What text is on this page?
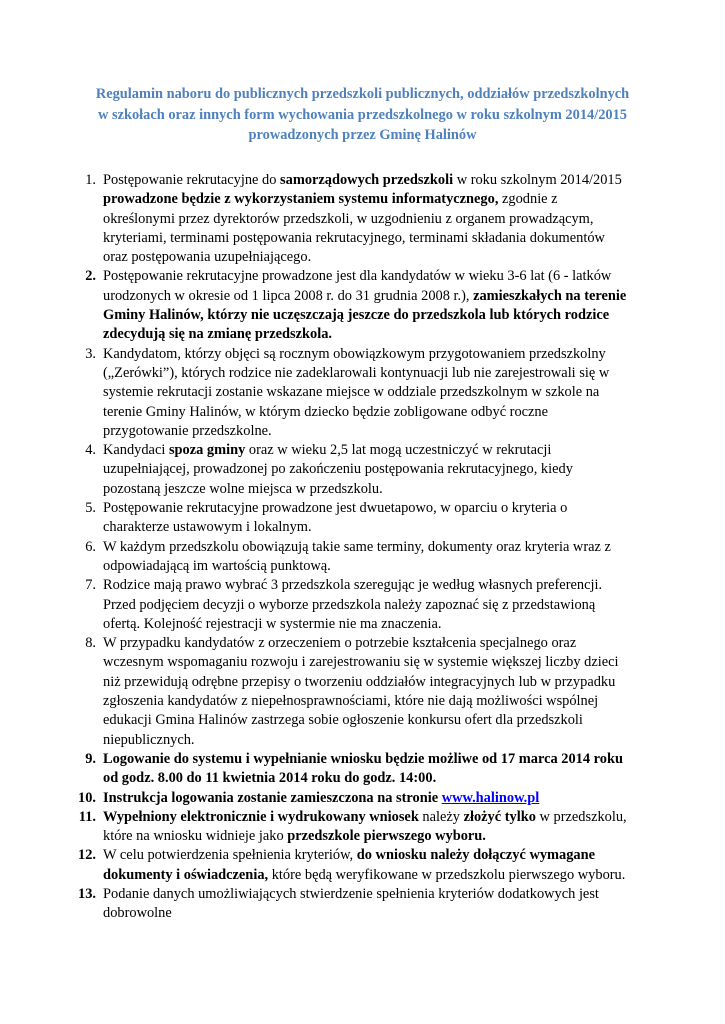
Regulamin naboru do publicznych przedszkoli publicznych, oddziałów przedszkolnych
w szkołach oraz innych form wychowania przedszkolnego w roku szkolnym 2014/2015
prowadzonych przez Gminę Halinów
1. Postępowanie rekrutacyjne do samorządowych przedszkoli w roku szkolnym 2014/2015
prowadzone będzie z wykorzystaniem systemu informatycznego, zgodnie z
określonymi przez dyrektorów przedszkoli, w uzgodnieniu z organem prowadzącym,
kryteriami, terminami postępowania rekrutacyjnego, terminami składania dokumentów
oraz postępowania uzupełniającego.
2. Postępowanie rekrutacyjne prowadzone jest dla kandydatów w wieku 3-6 lat (6 - latków
urodzonych w okresie od 1 lipca 2008 r. do 31 grudnia 2008 r.), zamieszkałych na terenie
Gminy Halinów, którzy nie uczęszczają jeszcze do przedszkola lub których rodzice
zdecydują się na zmianę przedszkola.
3. Kandydatom, którzy objęci są rocznym obowiązkowym przygotowaniem przedszkolny
(„Zerówki”), których rodzice nie zadeklarowali kontynuacji lub nie zarejestrowali się w
systemie rekrutacji zostanie wskazane miejsce w oddziale przedszkolnym w szkole na
terenie Gminy Halinów, w którym dziecko będzie zobligowane odbyć roczne
przygotowanie przedszkolne.
4. Kandydaci spoza gminy oraz w wieku 2,5 lat mogą uczestniczyć w rekrutacji
uzupełniającej, prowadzonej po zakończeniu postępowania rekrutacyjnego, kiedy
pozostaną jeszcze wolne miejsca w przedszkolu.
5. Postępowanie rekrutacyjne prowadzone jest dwuetapowo, w oparciu o kryteria o
charakterze ustawowym i lokalnym.
6. W każdym przedszkolu obowiązują takie same terminy, dokumenty oraz kryteria wraz z
odpowiadającą im wartością punktową.
7. Rodzice mają prawo wybrać 3 przedszkola szeregując je według własnych preferencji.
Przed podjęciem decyzji o wyborze przedszkola należy zapoznać się z przedstawioną
ofertą. Kolejność rejestracji w systermie nie ma znaczenia.
8. W przypadku kandydatów z orzeczeniem o potrzebie kształcenia specjalnego oraz
wczesnym wspomaganiu rozwoju i zarejestrowaniu się w systemie większej liczby dzieci
niż przewidują odrębne przepisy o tworzeniu oddziałów integracyjnych lub w przypadku
zgłoszenia kandydatów z niepełnosprawnościami, które nie dają możliwości wspólnej
edukacji Gmina Halinów zastrzega sobie ogłoszenie konkursu ofert dla przedszkoli
niepublicznych.
9. Logowanie do systemu i wypełnianie wniosku będzie możliwe od 17 marca 2014 roku
od godz. 8.00 do 11 kwietnia 2014 roku do godz. 14:00.
10. Instrukcja logowania zostanie zamieszczona na stronie www.halinow.pl
11. Wypełniony elektronicznie i wydrukowany wniosek należy złożyć tylko w przedszkolu,
które na wniosku widnieje jako przedszkole pierwszego wyboru.
12. W celu potwierdzenia spełnienia kryteriów, do wniosku należy dołączyć wymagane
dokumenty i oświadczenia, które będą weryfikowane w przedszkolu pierwszego wyboru.
13. Podanie danych umożliwiających stwierdzenie spełnienia kryteriów dodatkowych jest
dobrowolne
